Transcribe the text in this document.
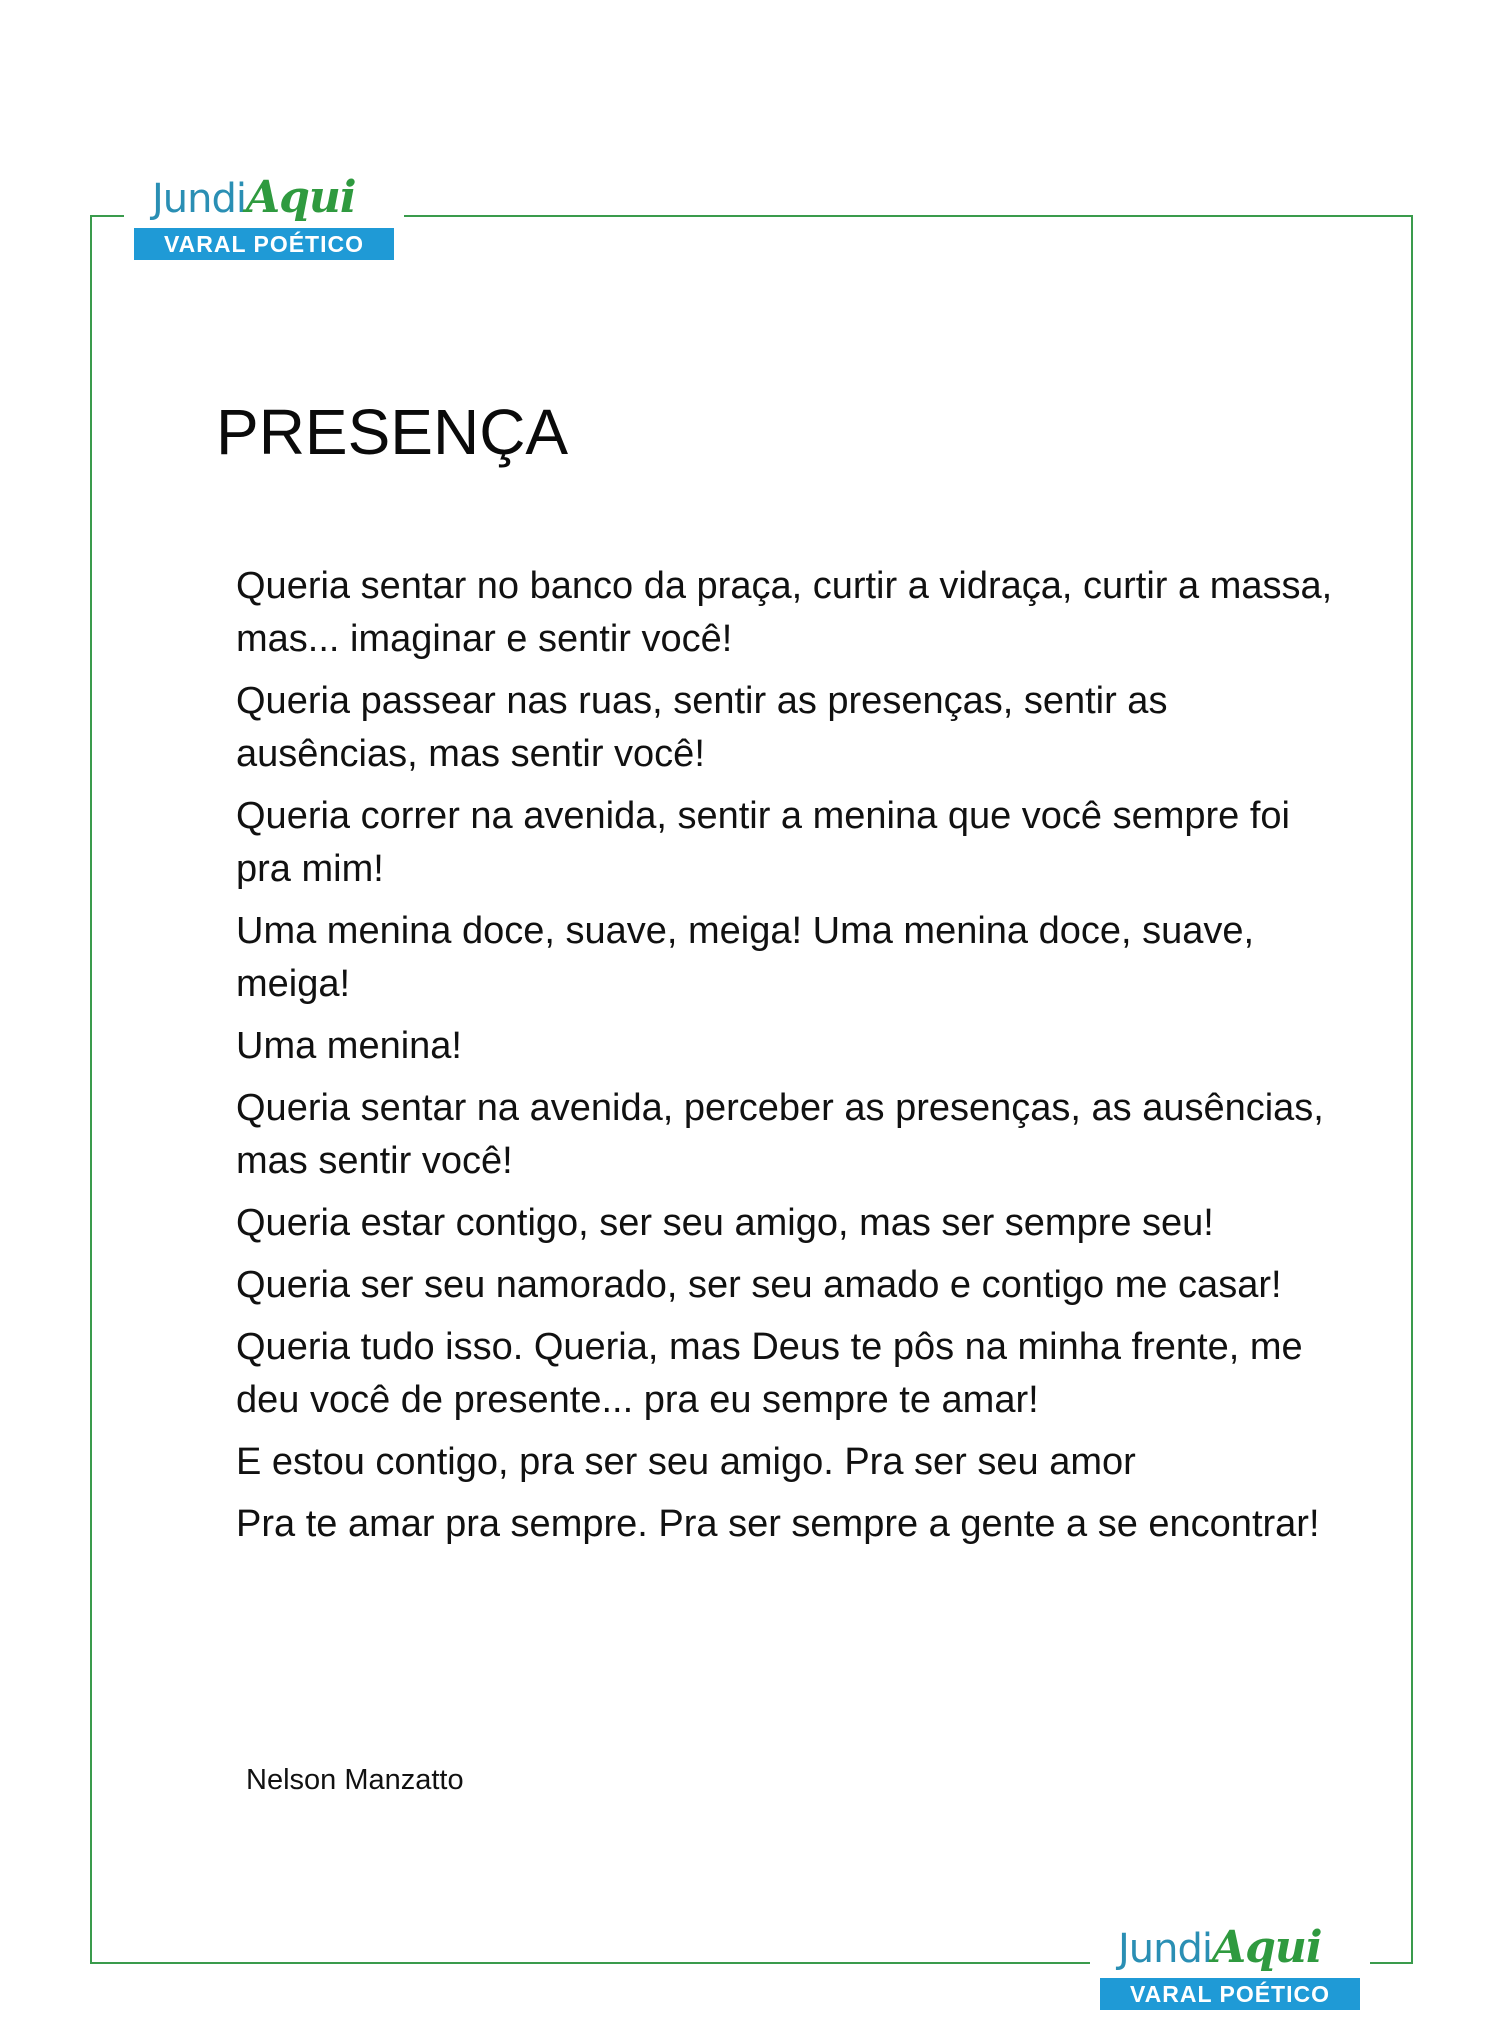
JundiAqui
VARAL POÉTICO
PRESENÇA

Queria sentar no banco da praça, curtir a vidraça, curtir a massa, mas... imaginar e sentir você!

Queria passear nas ruas, sentir as presenças, sentir as ausências, mas sentir você!

Queria correr na avenida, sentir a menina que você sempre foi pra mim!

Uma menina doce, suave, meiga! Uma menina doce, suave, meiga!

Uma menina!

Queria sentar na avenida, perceber as presenças, as ausências, mas sentir você!

Queria estar contigo, ser seu amigo, mas ser sempre seu!

Queria ser seu namorado, ser seu amado e contigo me casar!

Queria tudo isso. Queria, mas Deus te pôs na minha frente, me deu você de presente... pra eu sempre te amar!

E estou contigo, pra ser seu amigo. Pra ser seu amor

Pra te amar pra sempre. Pra ser sempre a gente a se encontrar!

Nelson Manzatto
JundiAqui
VARAL POÉTICO
